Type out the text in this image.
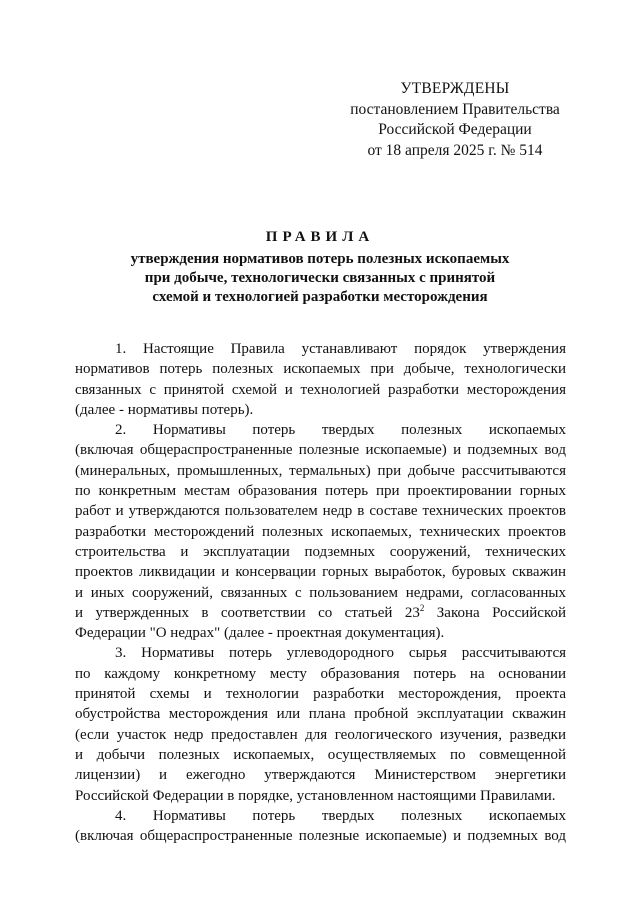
УТВЕРЖДЕНЫ
постановлением Правительства
Российской Федерации
от 18 апреля 2025 г. № 514
ПРАВИЛА
утверждения нормативов потерь полезных ископаемых
при добыче, технологически связанных с принятой
схемой и технологией разработки месторождения
1. Настоящие Правила устанавливают порядок утверждения
нормативов потерь полезных ископаемых при добыче, технологически
связанных с принятой схемой и технологией разработки месторождения
(далее - нормативы потерь).
2. Нормативы потерь твердых полезных ископаемых
(включая общераспространенные полезные ископаемые) и подземных вод
(минеральных, промышленных, термальных) при добыче рассчитываются
по конкретным местам образования потерь при проектировании горных
работ и утверждаются пользователем недр в составе технических проектов
разработки месторождений полезных ископаемых, технических проектов
строительства и эксплуатации подземных сооружений, технических
проектов ликвидации и консервации горных выработок, буровых скважин
и иных сооружений, связанных с пользованием недрами, согласованных
и утвержденных в соответствии со статьей $23^2$ Закона Российской
Федерации "О недрах" (далее - проектная документация).
3. Нормативы потерь углеводородного сырья рассчитываются
по каждому конкретному месту образования потерь на основании
принятой схемы и технологии разработки месторождения, проекта
обустройства месторождения или плана пробной эксплуатации скважин
(если участок недр предоставлен для геологического изучения, разведки
и добычи полезных ископаемых, осуществляемых по совмещенной
лицензии) и ежегодно утверждаются Министерством энергетики
Российской Федерации в порядке, установленном настоящими Правилами.
4. Нормативы потерь твердых полезных ископаемых
(включая общераспространенные полезные ископаемые) и подземных вод
